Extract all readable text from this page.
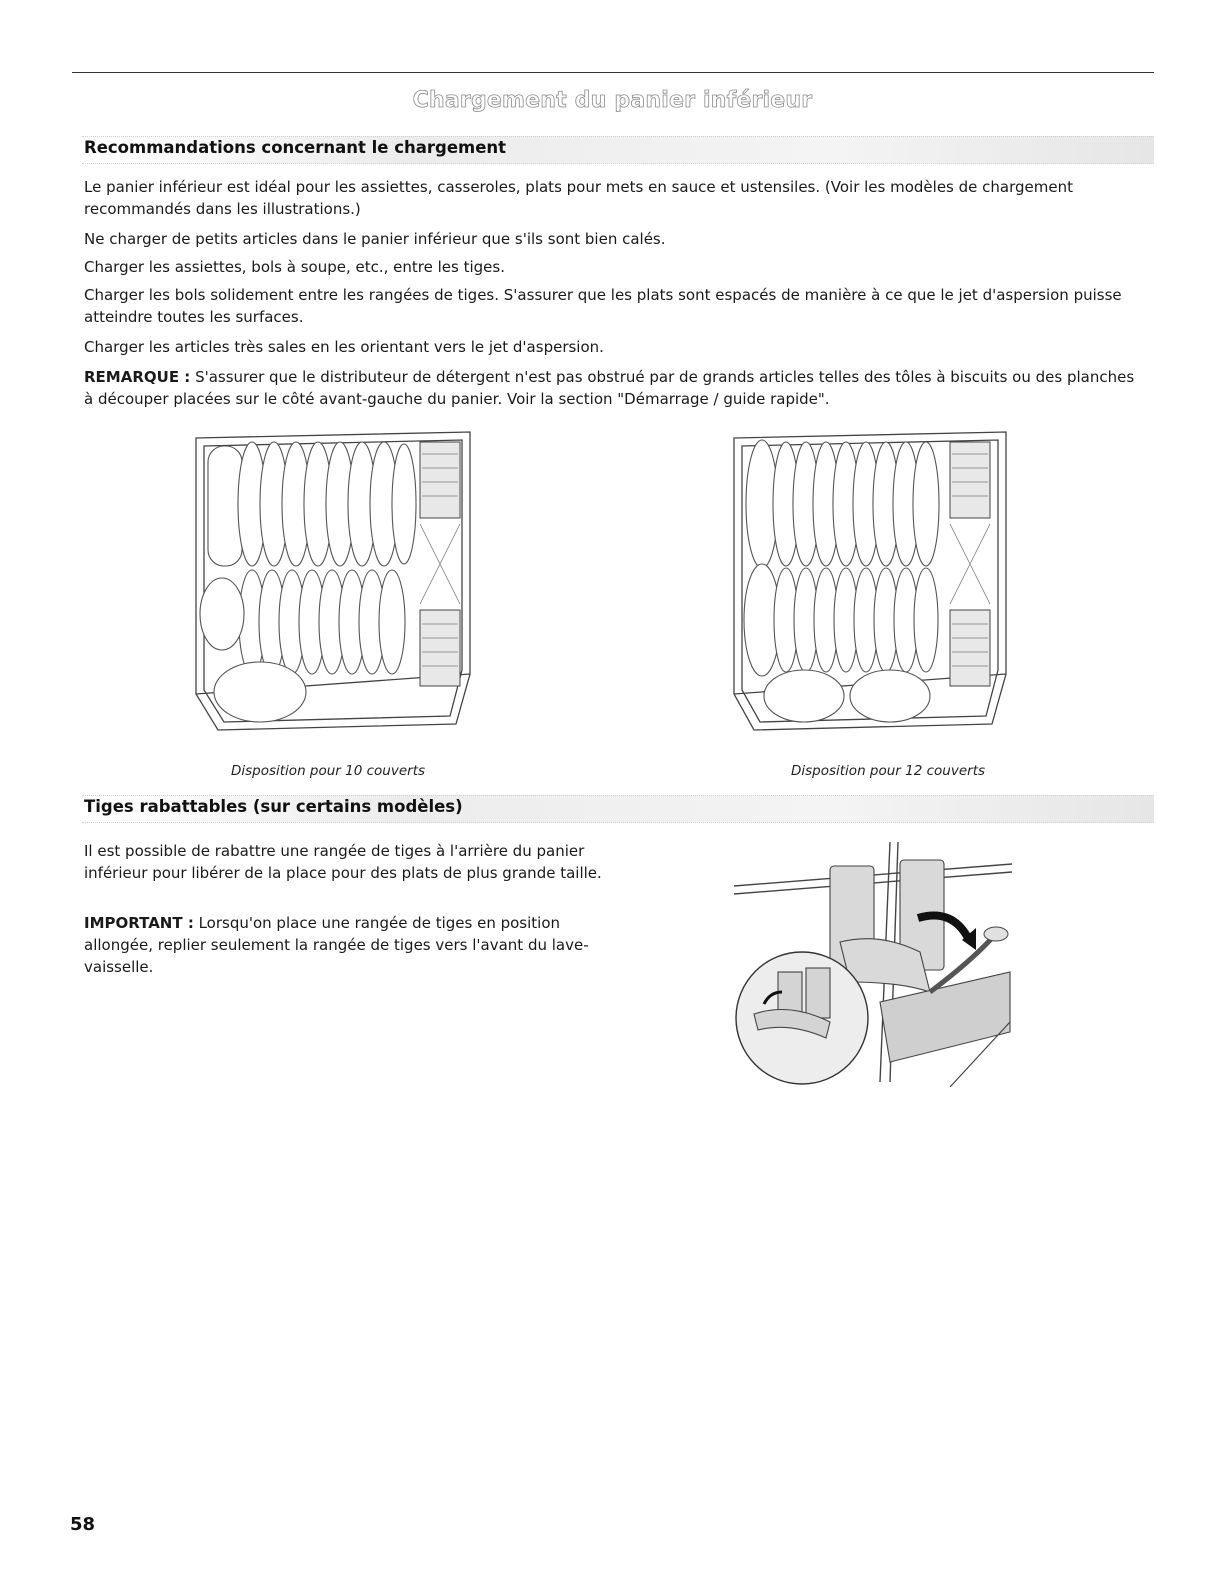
Chargement du panier inférieur
Recommandations concernant le chargement

Le panier inférieur est idéal pour les assiettes, casseroles, plats pour mets en sauce et ustensiles. (Voir les modèles de chargement recommandés dans les illustrations.)

Ne charger de petits articles dans le panier inférieur que s'ils sont bien calés.

Charger les assiettes, bols à soupe, etc., entre les tiges.

Charger les bols solidement entre les rangées de tiges. S'assurer que les plats sont espacés de manière à ce que le jet d'aspersion puisse atteindre toutes les surfaces.

Charger les articles très sales en les orientant vers le jet d'aspersion.

REMARQUE : S'assurer que le distributeur de détergent n'est pas obstrué par de grands articles telles des tôles à biscuits ou des planches à découper placées sur le côté avant-gauche du panier. Voir la section "Démarrage / guide rapide".

Disposition pour 10 couverts	Disposition pour 12 couverts
Tiges rabattables (sur certains modèles)

Il est possible de rabattre une rangée de tiges à l'arrière du panier inférieur pour libérer de la place pour des plats de plus grande taille.

IMPORTANT : Lorsqu'on place une rangée de tiges en position allongée, replier seulement la rangée de tiges vers l'avant du lave-vaisselle.

58
